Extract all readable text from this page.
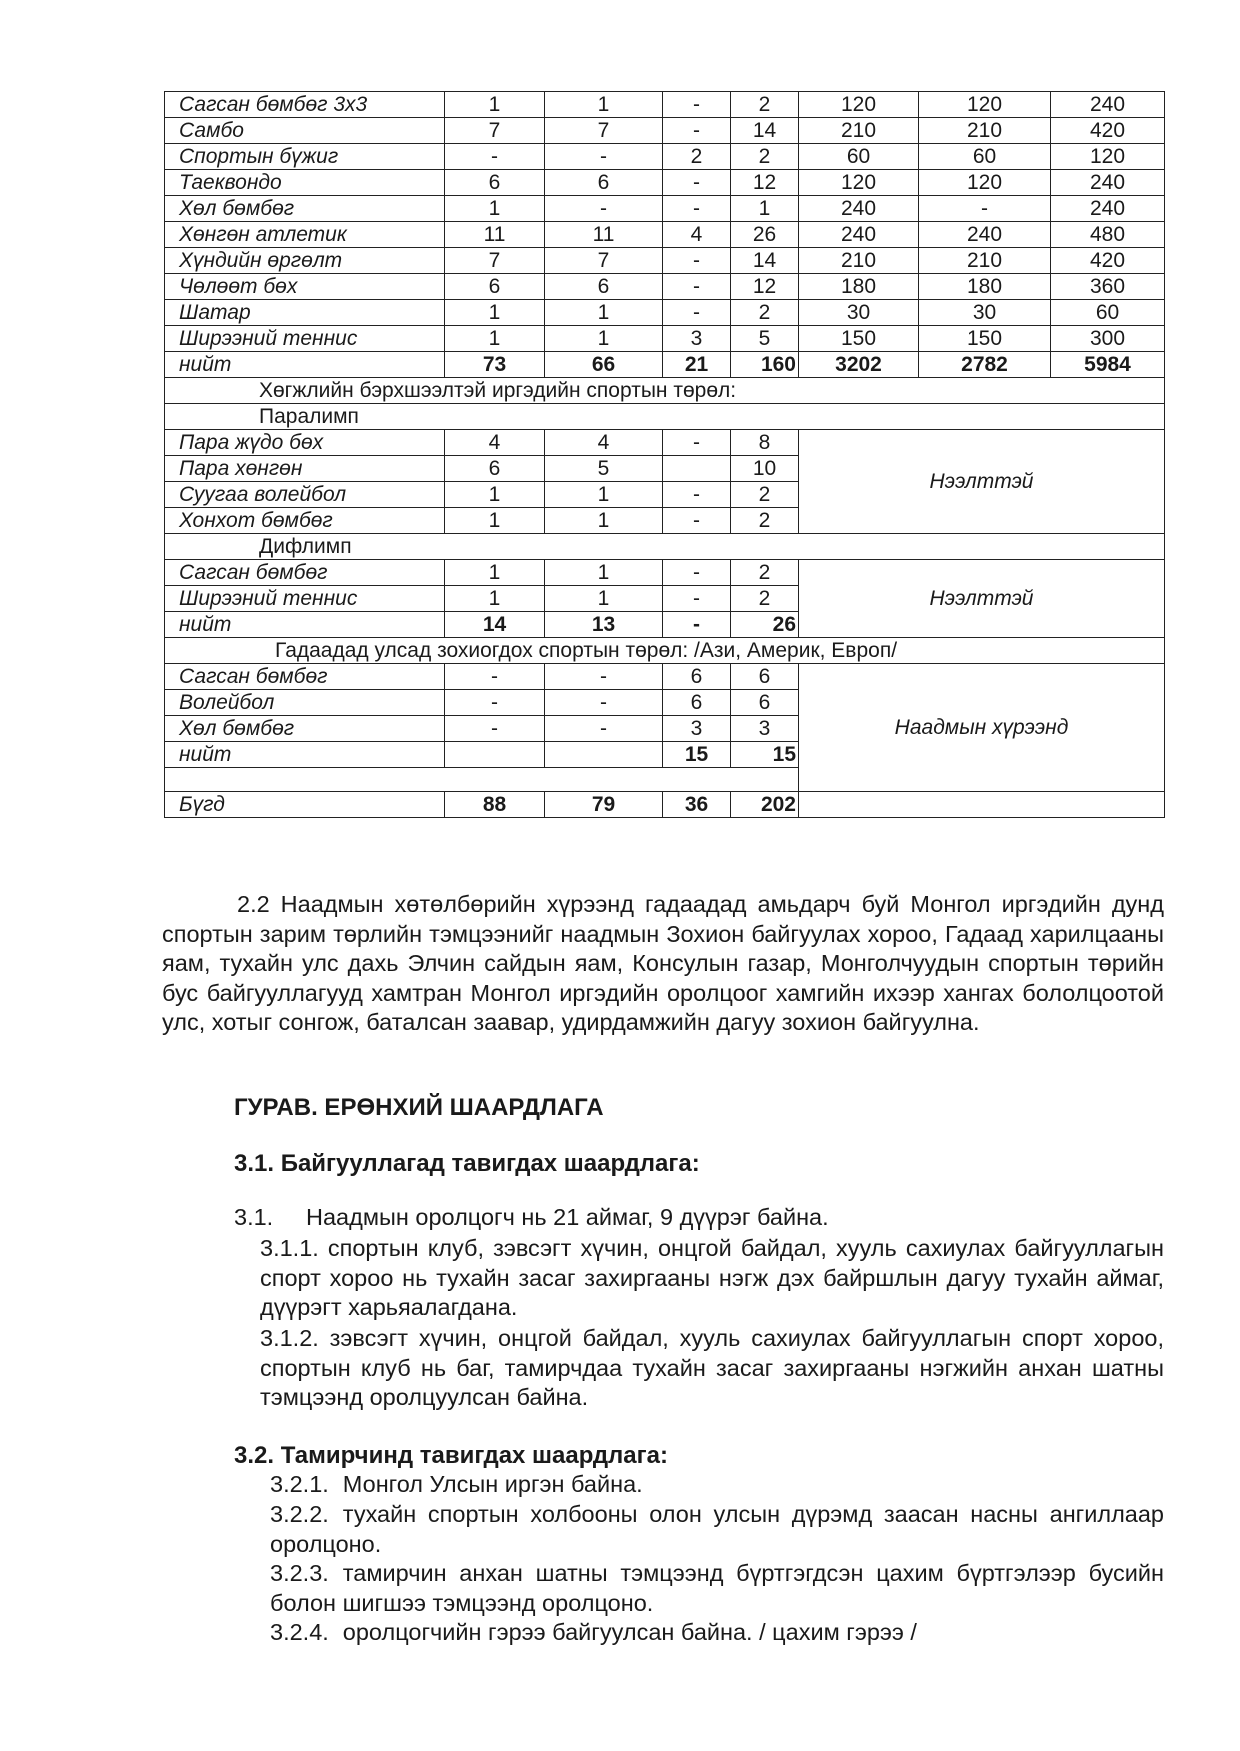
Сагсан бөмбөг 3х3	1	1	-	2	120	120	240
Самбо	7	7	-	14	210	210	420
Спортын бүжиг	-	-	2	2	60	60	120
Таеквондо	6	6	-	12	120	120	240
Хөл бөмбөг	1	-	-	1	240	-	240
Хөнгөн атлетик	11	11	4	26	240	240	480
Хүндийн өргөлт	7	7	-	14	210	210	420
Чөлөөт бөх	6	6	-	12	180	180	360
Шатар	1	1	-	2	30	30	60
Ширээний теннис	1	1	3	5	150	150	300
нийт	73	66	21	160	3202	2782	5984
Хөгжлийн бэрхшээлтэй иргэдийн спортын төрөл:							
Паралимп							
Пара жүдо бөх	4	4	-	8	Нээлттэй		
Пара хөнгөн	6	5		10			
Суугаа волейбол	1	1	-	2			
Хонхот бөмбөг	1	1	-	2			
Дифлимп							
Сагсан бөмбөг	1	1	-	2	Нээлттэй		
Ширээний теннис	1	1	-	2			
нийт	14	13	-	26			
Гадаадад улсад зохиогдох спортын төрөл: /Ази, Америк, Европ/							
Сагсан бөмбөг	-	-	6	6	Наадмын хүрээнд		
Волейбол	-	-	6	6			
Хөл бөмбөг	-	-	3	3			
нийт			15	15			

Бүгд	88	79	36	202			
2.2 Наадмын хөтөлбөрийн хүрээнд гадаадад амьдарч буй Монгол иргэдийн дунд спортын зарим төрлийн тэмцээнийг наадмын Зохион байгуулах хороо, Гадаад харилцааны яам, тухайн улс дахь Элчин сайдын яам, Консулын газар, Монголчуудын спортын төрийн бус байгууллагууд хамтран Монгол иргэдийн оролцоог хамгийн ихээр хангах бололцоотой улс, хотыг сонгож, баталсан заавар, удирдамжийн дагуу зохион байгуулна.
ГУРАВ. ЕРӨНХИЙ ШААРДЛАГА
3.1. Байгууллагад тавигдах шаардлага:
3.1. Наадмын оролцогч нь 21 аймаг, 9 дүүрэг байна.
3.1.1. спортын клуб, зэвсэгт хүчин, онцгой байдал, хууль сахиулах байгууллагын спорт хороо нь тухайн засаг захиргааны нэгж дэх байршлын дагуу тухайн аймаг, дүүрэгт харьяалагдана.
3.1.2. зэвсэгт хүчин, онцгой байдал, хууль сахиулах байгууллагын спорт хороо, спортын клуб нь баг, тамирчдаа тухайн засаг захиргааны нэгжийн анхан шатны тэмцээнд оролцуулсан байна.
3.2. Тамирчинд тавигдах шаардлага:
3.2.1. Монгол Улсын иргэн байна.
3.2.2. тухайн спортын холбооны олон улсын дүрэмд заасан насны ангиллаар оролцоно.
3.2.3. тамирчин анхан шатны тэмцээнд бүртгэгдсэн цахим бүртгэлээр бусийн болон шигшээ тэмцээнд оролцоно.
3.2.4. оролцогчийн гэрээ байгуулсан байна. / цахим гэрээ /
